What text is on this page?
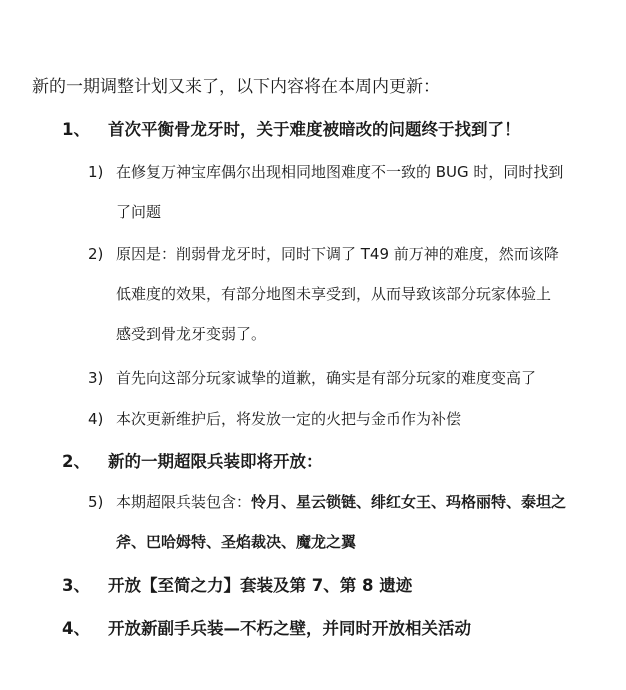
新的一期调整计划又来了，以下内容将在本周内更新：
1、 首次平衡骨龙牙时，关于难度被暗改的问题终于找到了！
1) 在修复万神宝库偶尔出现相同地图难度不一致的 BUG 时，同时找到
了问题
2) 原因是：削弱骨龙牙时，同时下调了 T49 前万神的难度，然而该降
低难度的效果，有部分地图未享受到，从而导致该部分玩家体验上
感受到骨龙牙变弱了。
3) 首先向这部分玩家诚挚的道歉，确实是有部分玩家的难度变高了
4) 本次更新维护后，将发放一定的火把与金币作为补偿
2、 新的一期超限兵装即将开放：
5) 本期超限兵装包含：怜月、星云锁链、绯红女王、玛格丽特、泰坦之
斧、巴哈姆特、圣焰裁决、魔龙之翼
3、 开放【至简之力】套装及第 7、第 8 遗迹
4、 开放新副手兵装—不朽之壁，并同时开放相关活动
